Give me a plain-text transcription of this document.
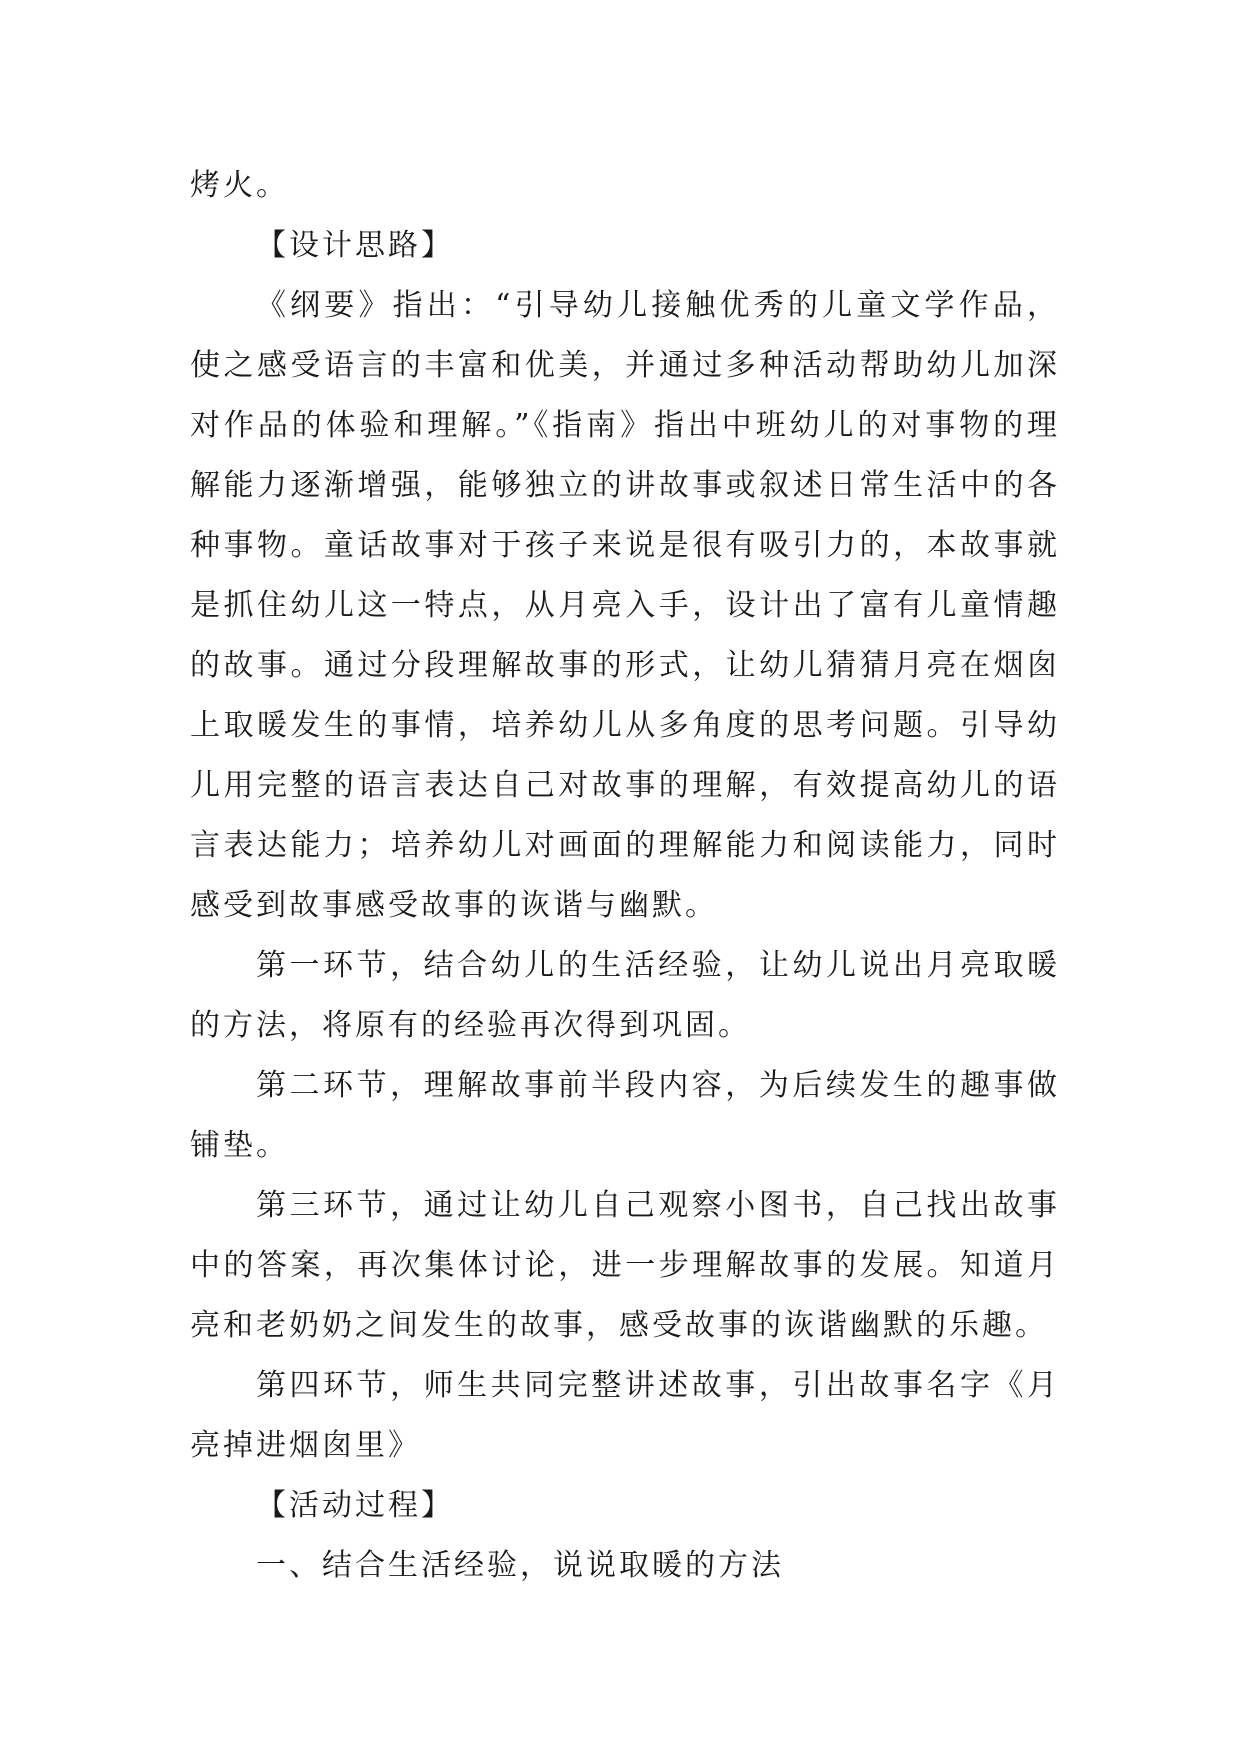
烤火。

【设计思路】

《纲要》指出：“引导幼儿接触优秀的儿童文学作品，使之感受语言的丰富和优美，并通过多种活动帮助幼儿加深对作品的体验和理解。”《指南》指出中班幼儿的对事物的理解能力逐渐增强，能够独立的讲故事或叙述日常生活中的各种事物。童话故事对于孩子来说是很有吸引力的，本故事就是抓住幼儿这一特点，从月亮入手，设计出了富有儿童情趣的故事。通过分段理解故事的形式，让幼儿猜猜月亮在烟囱上取暖发生的事情，培养幼儿从多角度的思考问题。引导幼儿用完整的语言表达自己对故事的理解，有效提高幼儿的语言表达能力；培养幼儿对画面的理解能力和阅读能力，同时感受到故事感受故事的诙谐与幽默。

第一环节，结合幼儿的生活经验，让幼儿说出月亮取暖的方法，将原有的经验再次得到巩固。

第二环节，理解故事前半段内容，为后续发生的趣事做铺垫。

第三环节，通过让幼儿自己观察小图书，自己找出故事中的答案，再次集体讨论，进一步理解故事的发展。知道月亮和老奶奶之间发生的故事，感受故事的诙谐幽默的乐趣。

第四环节，师生共同完整讲述故事，引出故事名字《月亮掉进烟囱里》

【活动过程】

一、结合生活经验，说说取暖的方法
